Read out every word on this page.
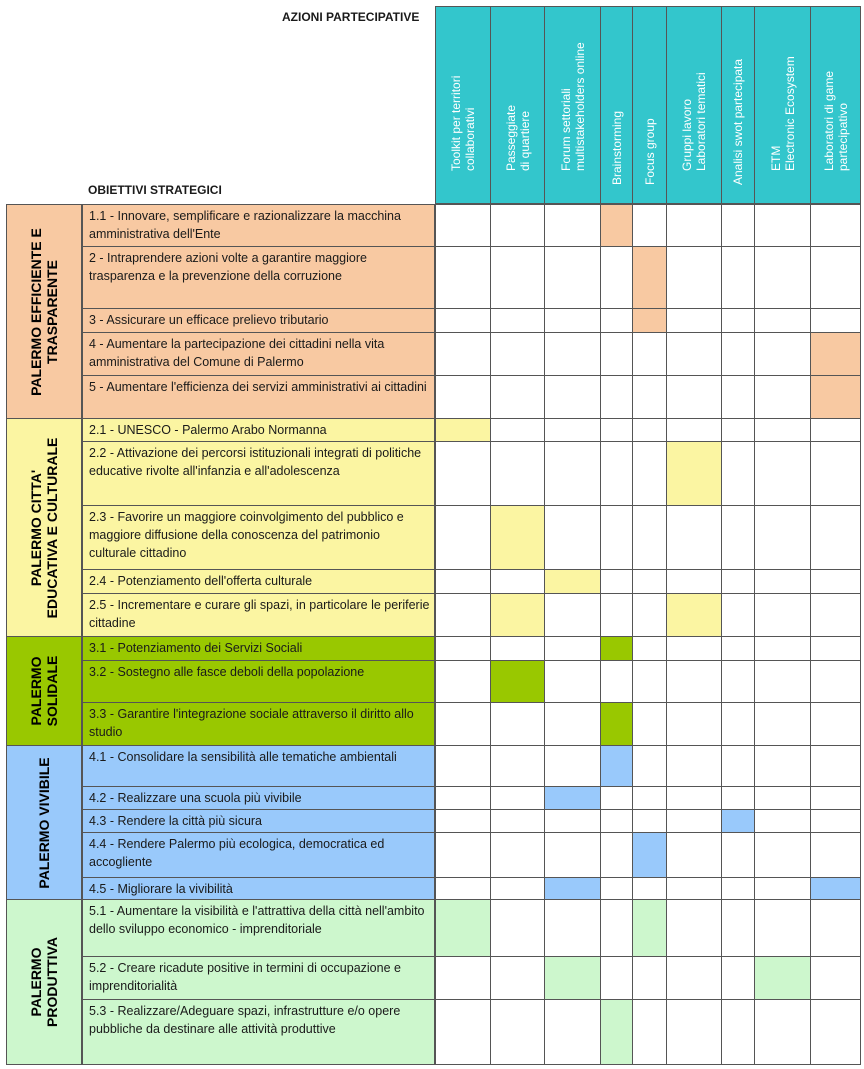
AZIONI PARTECIPATIVE
OBIETTIVI STRATEGICI
Toolkit per territori
collaborativi Passeggiate
di quartiere Forum settoriali
multistakeholders online
Brainstorming Focus group Gruppi lavoro
Laboratori tematici Analisi swot partecipata ETM
Electronic Ecosystem
Laboratori di game
partecipativo
PALERMO EFFICIENTE E
TRASPARENTE
1.1 - Innovare, semplificare e razionalizzare la macchina amministrativa dell'Ente
2 - Intraprendere azioni volte a garantire maggiore trasparenza e la prevenzione della corruzione
3 - Assicurare un efficace prelievo tributario
4 - Aumentare la partecipazione dei cittadini nella vita amministrativa del Comune di Palermo
5 - Aumentare l'efficienza dei servizi amministrativi ai cittadini
PALERMO CITTA'
EDUCATIVA E CULTURALE
2.1 - UNESCO - Palermo Arabo Normanna
2.2 - Attivazione dei percorsi istituzionali integrati di politiche educative rivolte all'infanzia e all'adolescenza
2.3 - Favorire un maggiore coinvolgimento del pubblico e maggiore diffusione della conoscenza del patrimonio culturale cittadino
2.4 - Potenziamento dell'offerta culturale
2.5 - Incrementare e curare gli spazi, in particolare le periferie cittadine
PALERMO
SOLIDALE
3.1 - Potenziamento dei Servizi Sociali
3.2 - Sostegno alle fasce deboli della popolazione
3.3 - Garantire l'integrazione sociale attraverso il diritto allo studio
PALERMO VIVIBILE	4.1 - Consolidare la sensibilità alle tematiche ambientali
4.2 - Realizzare una scuola più vivibile
4.3 - Rendere la città più sicura
4.4 - Rendere Palermo più ecologica, democratica ed accogliente
4.5 - Migliorare la vivibilità
PALERMO
PRODUTTIVA
5.1 - Aumentare la visibilità e l'attrattiva della città nell'ambito dello sviluppo economico - imprenditoriale
5.2 - Creare ricadute positive in termini di occupazione e imprenditorialità
5.3 - Realizzare/Adeguare spazi, infrastrutture e/o opere pubbliche da destinare alle attività produttive
